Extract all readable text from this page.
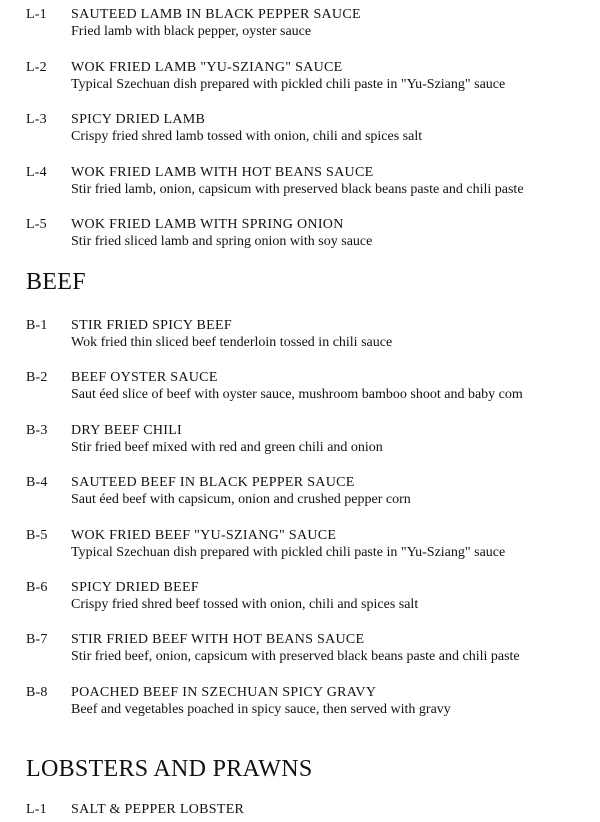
L-1 SAUTEED LAMB IN BLACK PEPPER SAUCE
Fried lamb with black pepper, oyster sauce
L-2 WOK FRIED LAMB "YU-SZIANG" SAUCE
Typical Szechuan dish prepared with pickled chili paste in "Yu-Sziang" sauce
L-3 SPICY DRIED LAMB
Crispy fried shred lamb tossed with onion, chili and spices salt
L-4 WOK FRIED LAMB WITH HOT BEANS SAUCE
Stir fried lamb, onion, capsicum with preserved black beans paste and chili paste
L-5 WOK FRIED LAMB WITH SPRING ONION
Stir fried sliced lamb and spring onion with soy sauce
BEEF
B-1 STIR FRIED SPICY BEEF
Wok fried thin sliced beef tenderloin tossed in chili sauce
B-2 BEEF OYSTER SAUCE
Saut éed slice of beef with oyster sauce, mushroom bamboo shoot and baby com
B-3 DRY BEEF CHILI
Stir fried beef mixed with red and green chili and onion
B-4 SAUTEED BEEF IN BLACK PEPPER SAUCE
Saut éed beef with capsicum, onion and crushed pepper corn
B-5 WOK FRIED BEEF "YU-SZIANG" SAUCE
Typical Szechuan dish prepared with pickled chili paste in "Yu-Sziang" sauce
B-6 SPICY DRIED BEEF
Crispy fried shred beef tossed with onion, chili and spices salt
B-7 STIR FRIED BEEF WITH HOT BEANS SAUCE
Stir fried beef, onion, capsicum with preserved black beans paste and chili paste
B-8 POACHED BEEF IN SZECHUAN SPICY GRAVY
Beef and vegetables poached in spicy sauce, then served with gravy
LOBSTERS AND PRAWNS
L-1 SALT & PEPPER LOBSTER
